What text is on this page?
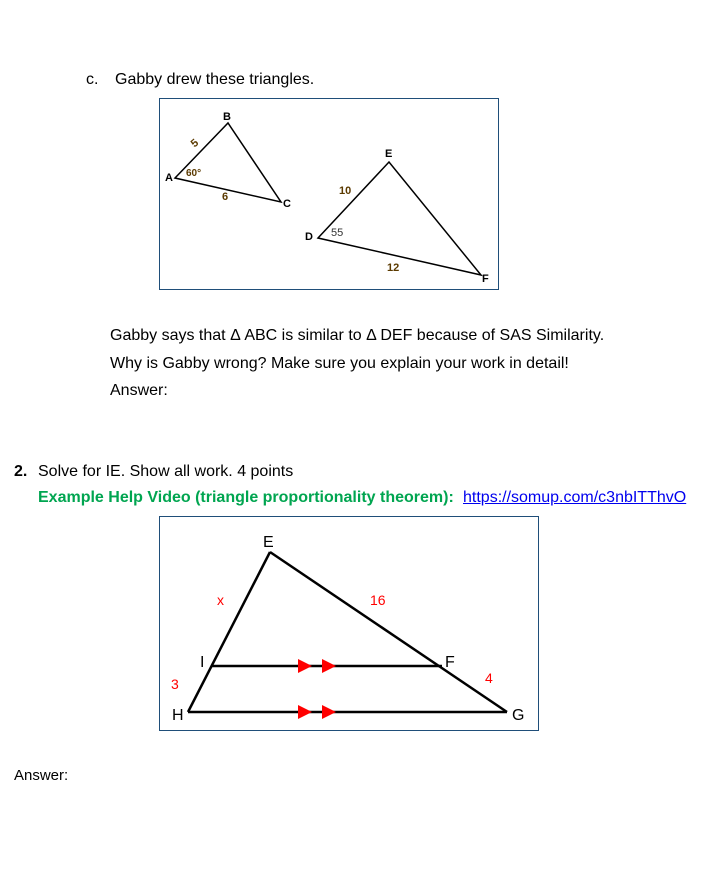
c. Gabby drew these triangles.
A
B
C
5
6
60°
D
E
F
10
12
55
Gabby says that Δ ABC is similar to Δ DEF because of SAS Similarity.
Why is Gabby wrong? Make sure you explain your work in detail!
Answer:
2. Solve for IE. Show all work. 4 points
Example Help Video (triangle proportionality theorem): https://somup.com/c3nbITThvO
E
I
H
F
G
x	16
3	4
Answer:
